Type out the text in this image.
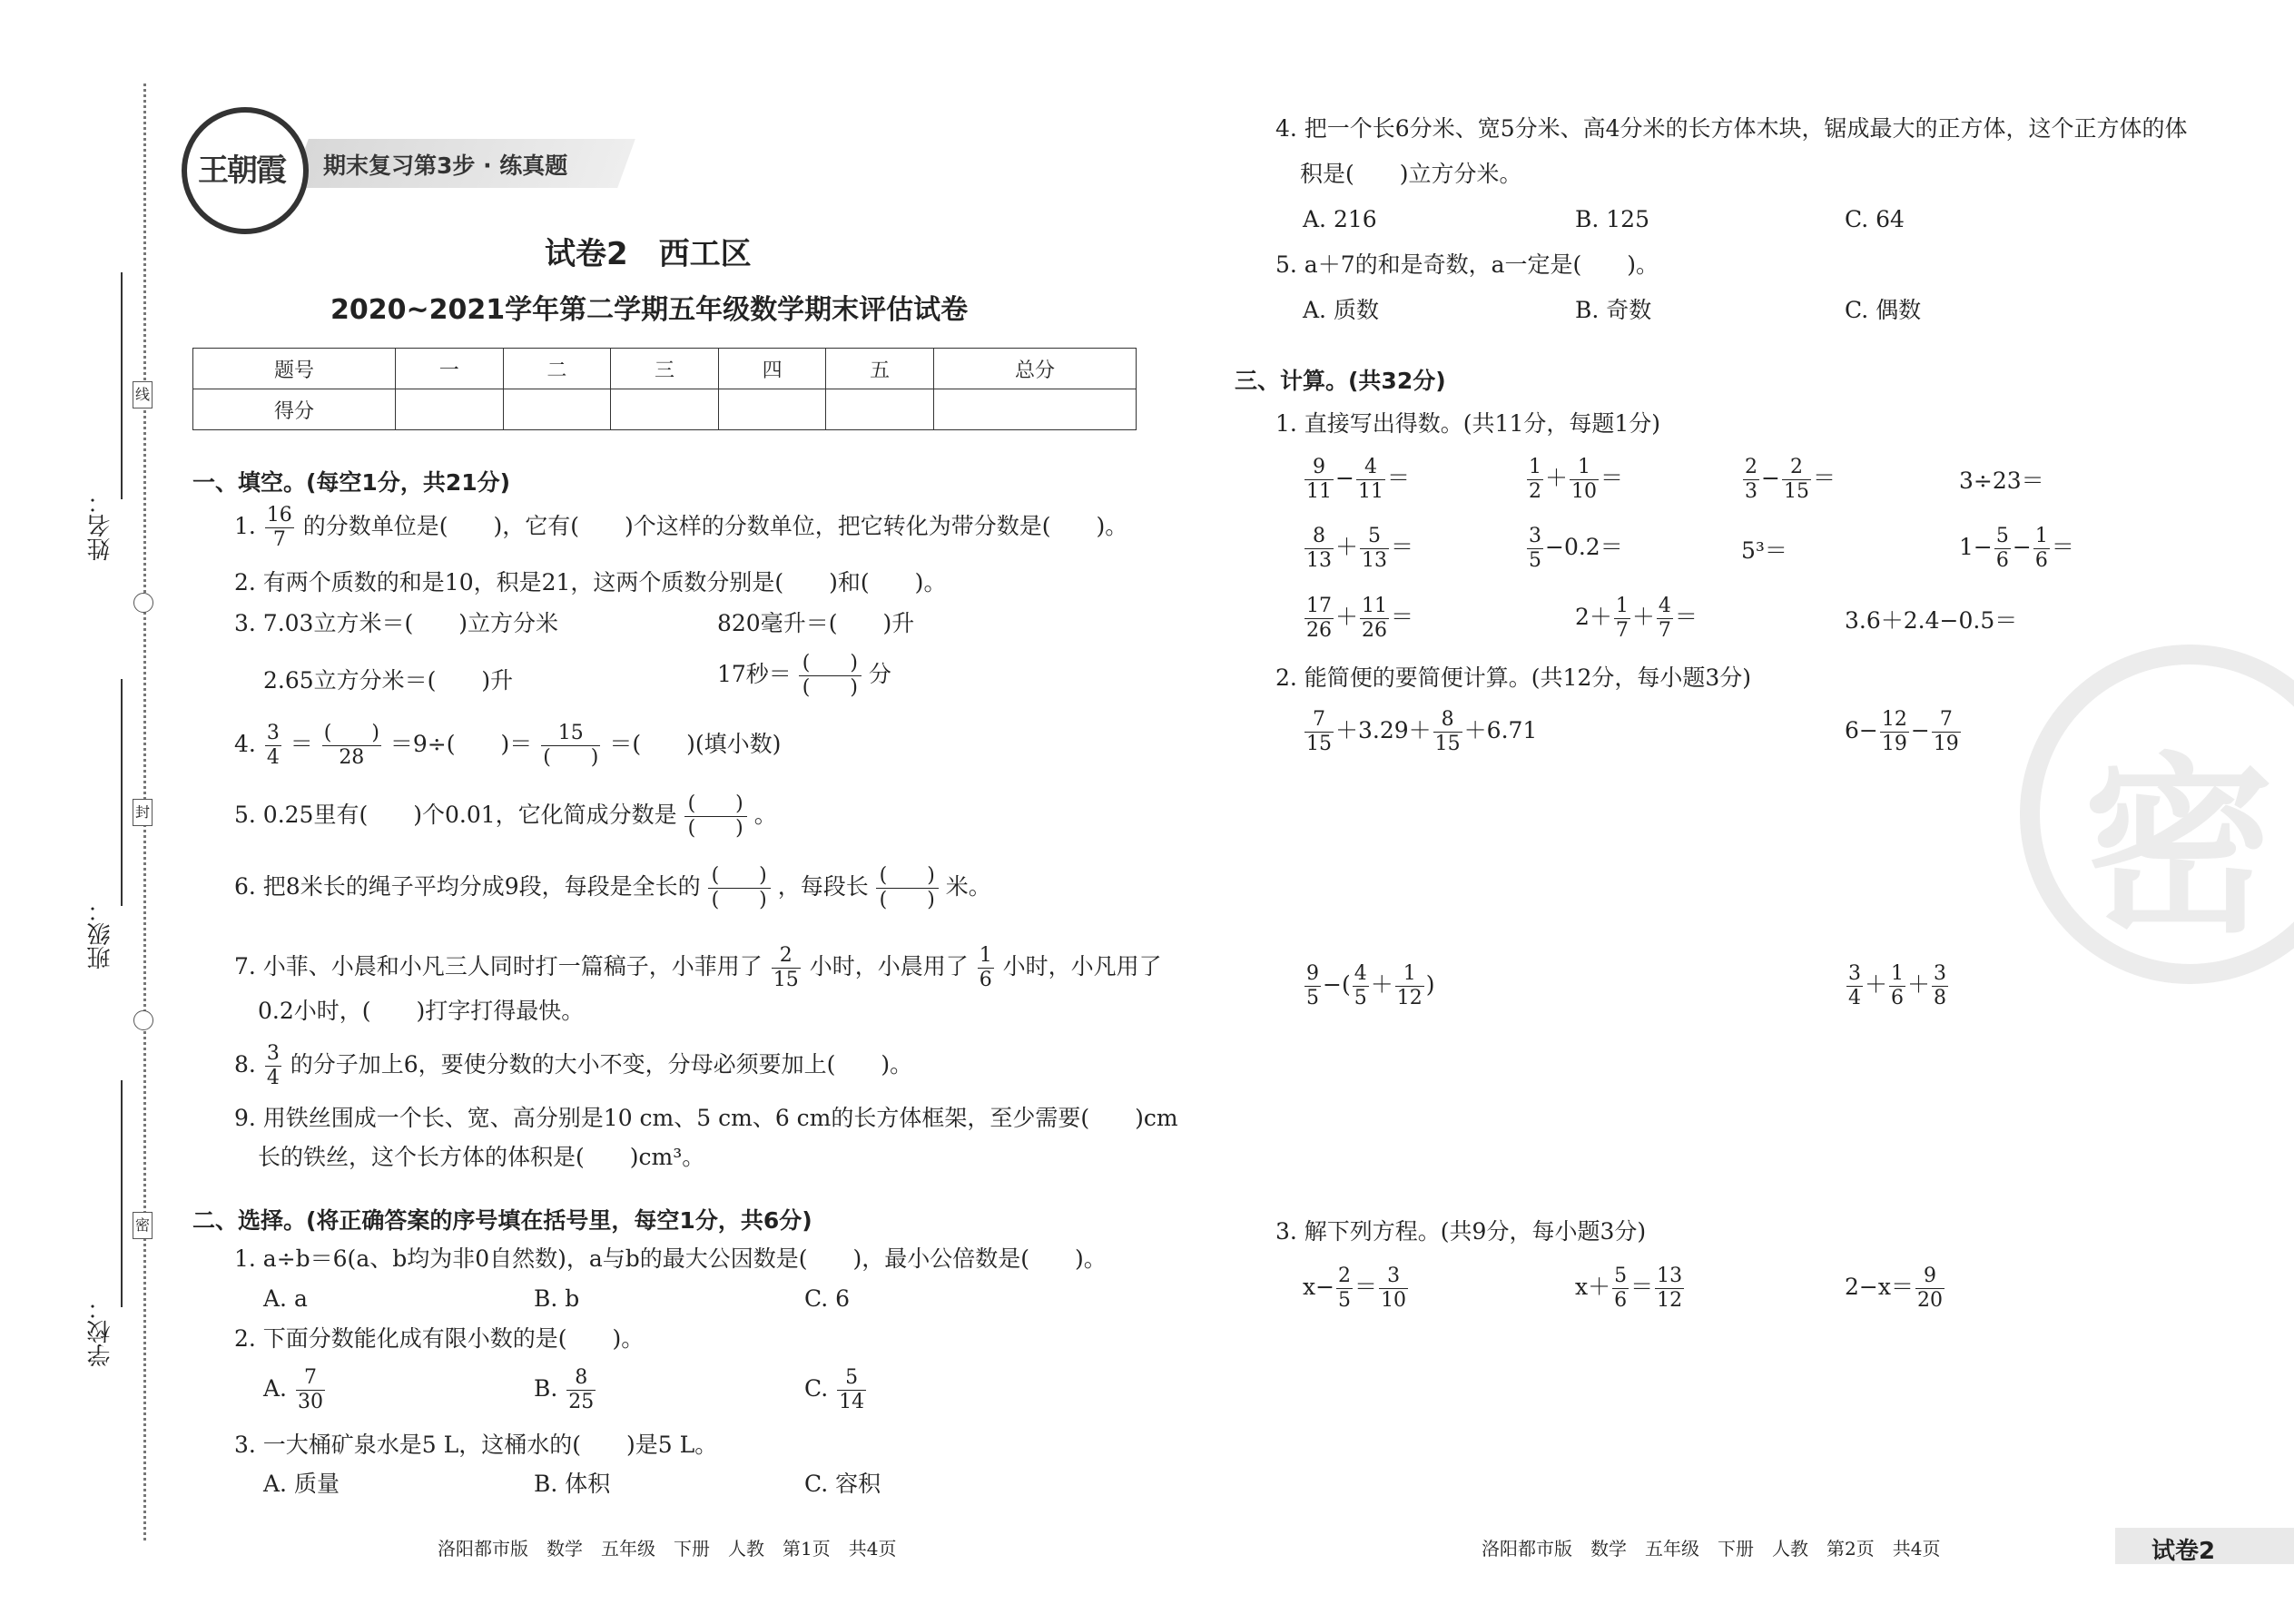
姓名：
班级：
学校：
线
封
密
期末复习第3步 · 练真题
王朝霞
试卷2　西工区
2020~2021学年第二学期五年级数学期末评估试卷
题号	一	二	三	四	五	总分
得分						
一、填空。(每空1分，共21分)
1. $\frac{16}{7}$ 的分数单位是(　　)，它有(　　)个这样的分数单位，把它转化为带分数是(　　)。
2. 有两个质数的和是10，积是21，这两个质数分别是(　　)和(　　)。
3. 7.03立方米＝(　　)立方分米	820毫升＝(　　)升
2.65立方分米＝(　　)升	17秒＝ (　　)
(　　) 分
4. $\frac{3}{4} = \frac{( )}{28} =9\div$(　　)＝ $\frac{15}{( )}$ ＝(　　)(填小数)
5. 0.25里有(　　)个0.01，它化简成分数是 (　　)
(　　) 。
6. 把8米长的绳子平均分成9段，每段是全长的 (　　)
(　　) ，每段长 (　　)
(　　) 米。
7. 小菲、小晨和小凡三人同时打一篇稿子，小菲用了 $\frac{2}{15}$ 小时，小晨用了 $\frac{1}{6}$ 小时，小凡用了
0.2小时，(　　)打字打得最快。
8. $\frac{3}{4}$ 的分子加上6，要使分数的大小不变，分母必须要加上(　　)。
9. 用铁丝围成一个长、宽、高分别是10 cm、5 cm、6 cm的长方体框架，至少需要(　　)cm
长的铁丝，这个长方体的体积是(　　)cm³。
二、选择。(将正确答案的序号填在括号里，每空1分，共6分)
1. a÷b＝6(a、b均为非0自然数)，a与b的最大公因数是(　　)，最小公倍数是(　　)。
A. a	B. b	C. 6
2. 下面分数能化成有限小数的是(　　)。
A. $\frac{7}{30}$	B. $\frac{8}{25}$	C. $\frac{5}{14}$
3. 一大桶矿泉水是5 L，这桶水的(　　)是5 L。
A. 质量	B. 体积	C. 容积
4. 把一个长6分米、宽5分米、高4分米的长方体木块，锯成最大的正方体，这个正方体的体
积是(　　)立方分米。
A. 216	B. 125	C. 64
5. a＋7的和是奇数，a一定是(　　)。
A. 质数	B. 奇数	C. 偶数
密
三、计算。(共32分)
1. 直接写出得数。(共11分，每题1分)
$\frac{9}{11} - \frac{4}{11}$ ＝	$\frac{1}{2} + \frac{1}{10}$ ＝	$\frac{2}{3} - \frac{2}{15}$ ＝	3÷23＝
$\frac{8}{13} + \frac{5}{13}$ ＝	$\frac{3}{5} -0.2=$	5³＝	$1- \frac{5}{6} - \frac{1}{6}$ ＝
$\frac{17}{26} + \frac{11}{26}$ ＝	$2+ \frac{1}{7} + \frac{4}{7}$ ＝	3.6＋2.4−0.5＝
2. 能简便的要简便计算。(共12分，每小题3分)
$\frac{7}{15} +3.29+ \frac{8}{15} +6.71$	$6- \frac{12}{19} - \frac{7}{19}$
$\frac{9}{5}$ −( $\frac{4}{5} + \frac{1}{12}$ )	$\frac{3}{4} + \frac{1}{6} + \frac{3}{8}$
3. 解下列方程。(共9分，每小题3分)
$x- \frac{2}{5} = \frac{3}{10}$	$x+ \frac{5}{6} = \frac{13}{12}$	$2-x= \frac{9}{20}$
洛阳都市版　数学　五年级　下册　人教　第1页　共4页	洛阳都市版　数学　五年级　下册　人教　第2页　共4页	试卷2
